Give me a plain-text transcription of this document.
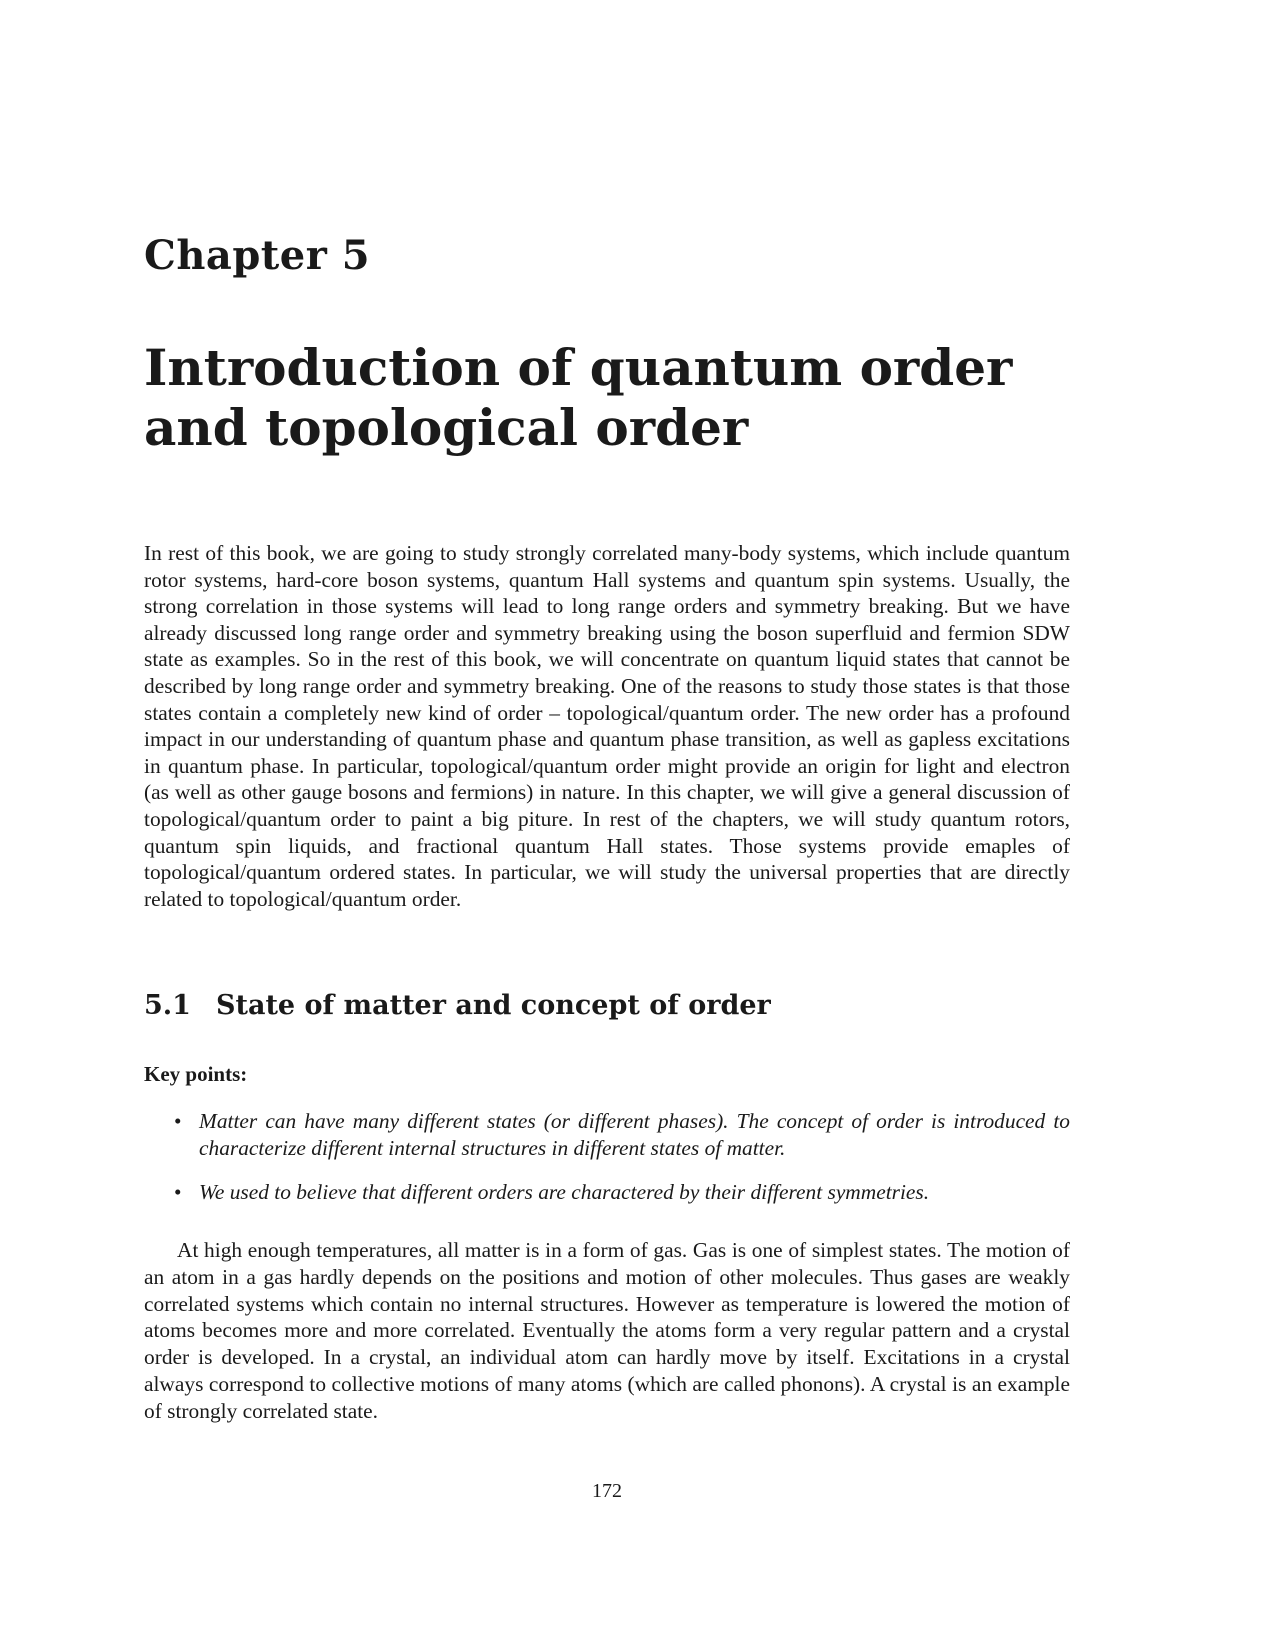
Chapter 5
Introduction of quantum order and topological order

In rest of this book, we are going to study strongly correlated many-body systems, which include quantum rotor systems, hard-core boson systems, quantum Hall systems and quantum spin systems. Usually, the strong correlation in those systems will lead to long range orders and symmetry breaking. But we have already discussed long range order and symmetry breaking using the boson superfluid and fermion SDW state as examples. So in the rest of this book, we will concentrate on quantum liquid states that cannot be described by long range order and symmetry breaking. One of the reasons to study those states is that those states contain a completely new kind of order – topological/quantum order. The new order has a profound impact in our understanding of quantum phase and quantum phase transition, as well as gapless excitations in quantum phase. In particular, topological/quantum order might provide an origin for light and electron (as well as other gauge bosons and fermions) in nature. In this chapter, we will give a general discussion of topological/quantum order to paint a big piture. In rest of the chapters, we will study quantum rotors, quantum spin liquids, and fractional quantum Hall states. Those systems provide emaples of topological/quantum ordered states. In particular, we will study the universal properties that are directly related to topological/quantum order.

5.1 State of matter and concept of order

Key points:

• Matter can have many different states (or different phases). The concept of order is introduced to characterize different internal structures in different states of matter.
• We used to believe that different orders are charactered by their different symmetries.

At high enough temperatures, all matter is in a form of gas. Gas is one of simplest states. The motion of an atom in a gas hardly depends on the positions and motion of other molecules. Thus gases are weakly correlated systems which contain no internal structures. However as temperature is lowered the motion of atoms becomes more and more correlated. Eventually the atoms form a very regular pattern and a crystal order is developed. In a crystal, an individual atom can hardly move by itself. Excitations in a crystal always correspond to collective motions of many atoms (which are called phonons). A crystal is an example of strongly correlated state.

172
